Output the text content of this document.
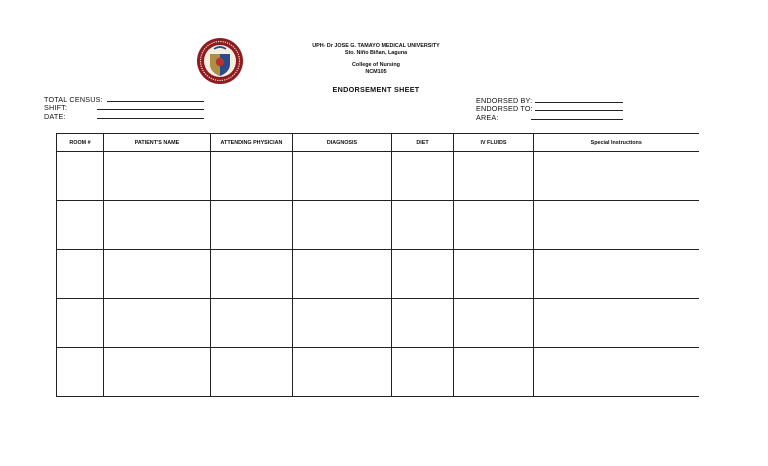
UPH- Dr JOSE G. TAMAYO MEDICAL UNIVERSITY
Sto. Niño Biñan, Laguna
College of Nursing
NCM105
ENDORSEMENT SHEET
TOTAL CENSUS:
SHIFT:
DATE:
ENDORSED BY:
ENDORSED TO:
AREA:
ROOM #	PATIENT'S NAME	ATTENDING PHYSICIAN	DIAGNOSIS	DIET	IV FLUIDS	Special Instructions
